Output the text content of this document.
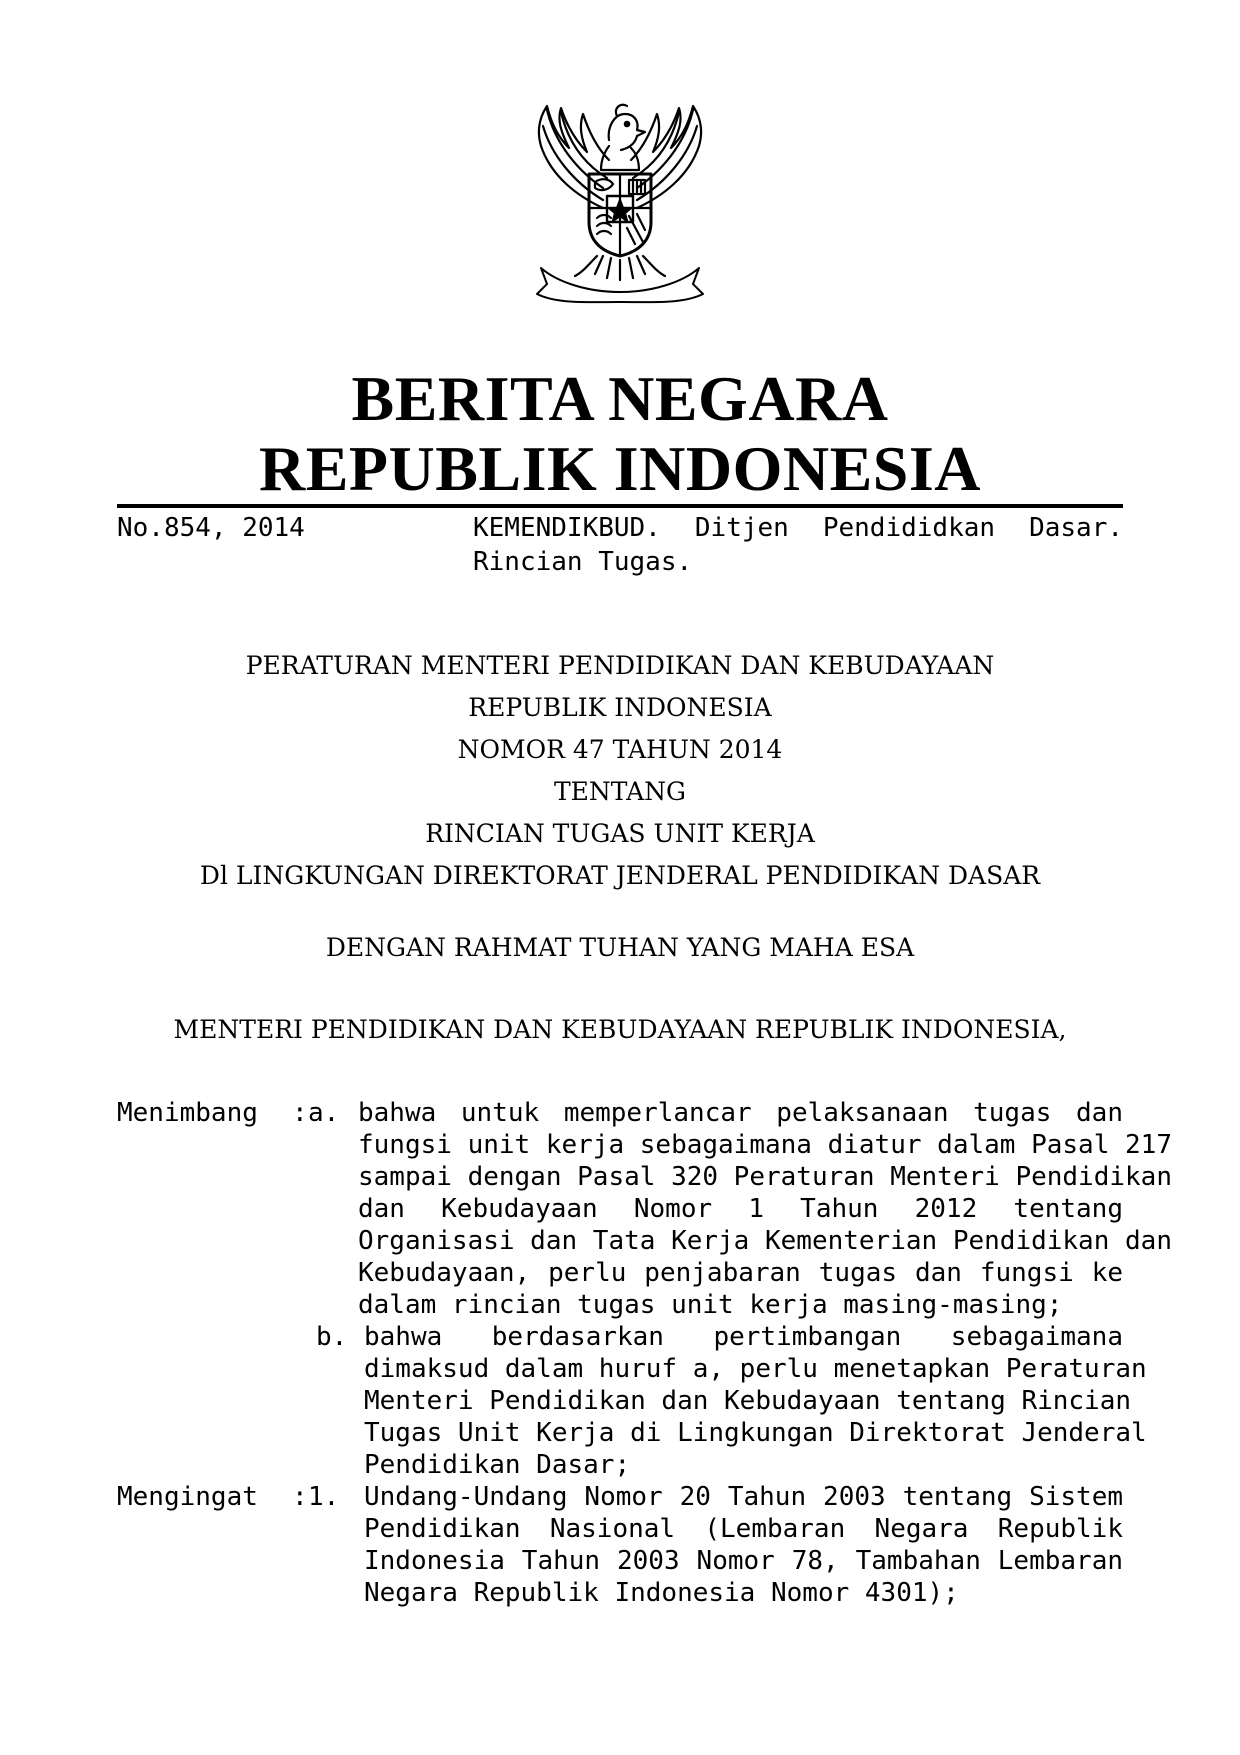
BERITA NEGARA
REPUBLIK INDONESIA
No.854, 2014	KEMENDIKBUD. Ditjen Pendididkan Dasar.
Rincian Tugas.
PERATURAN MENTERI PENDIDIKAN DAN KEBUDAYAAN
REPUBLIK INDONESIA
NOMOR 47 TAHUN 2014
TENTANG
RINCIAN TUGAS UNIT KERJA
Dl LINGKUNGAN DIREKTORAT JENDERAL PENDIDIKAN DASAR
DENGAN RAHMAT TUHAN YANG MAHA ESA
MENTERI PENDIDIKAN DAN KEBUDAYAAN REPUBLIK INDONESIA,
Menimbang : a. bahwa untuk memperlancar pelaksanaan tugas dan
fungsi unit kerja sebagaimana diatur dalam Pasal 217
sampai dengan Pasal 320 Peraturan Menteri Pendidikan
dan Kebudayaan Nomor 1 Tahun 2012 tentang
Organisasi dan Tata Kerja Kementerian Pendidikan dan
Kebudayaan, perlu penjabaran tugas dan fungsi ke
dalam rincian tugas unit kerja masing-masing;
b. bahwa berdasarkan pertimbangan sebagaimana
dimaksud dalam huruf a, perlu menetapkan Peraturan
Menteri Pendidikan dan Kebudayaan tentang Rincian
Tugas Unit Kerja di Lingkungan Direktorat Jenderal
Pendidikan Dasar;
Mengingat : 1. Undang-Undang Nomor 20 Tahun 2003 tentang Sistem
Pendidikan Nasional (Lembaran Negara Republik
Indonesia Tahun 2003 Nomor 78, Tambahan Lembaran
Negara Republik Indonesia Nomor 4301);
